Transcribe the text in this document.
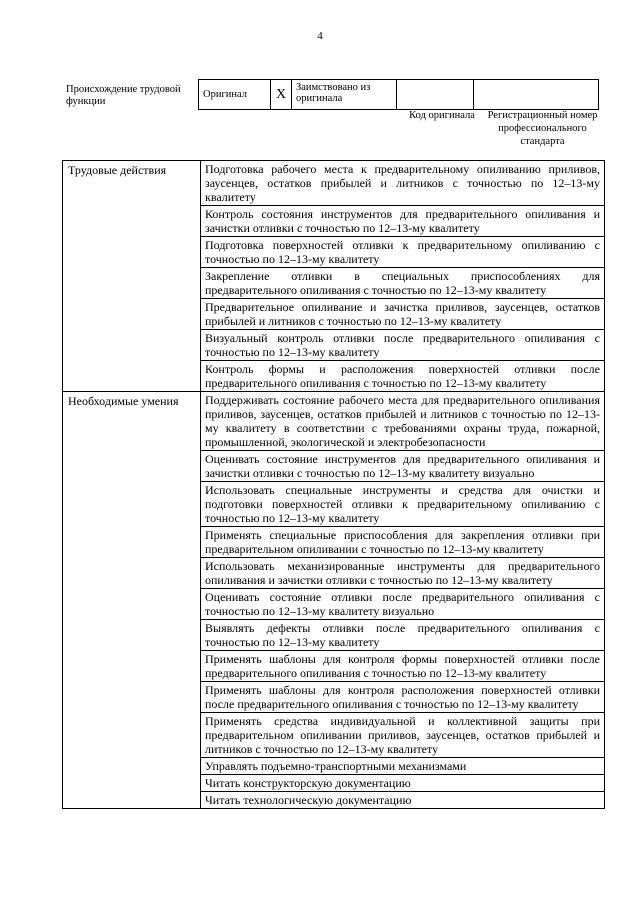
4
Происхождение трудовой функции
Оригинал	X	Заимствовано из оригинала		
Код оригинала	Регистрационный номер профессионального стандарта
Трудовые действия	Подготовка рабочего места к предварительному опиливанию приливов, заусенцев, остатков прибылей и литников с точностью по 12–13-му квалитету
	Контроль состояния инструментов для предварительного опиливания и зачистки отливки с точностью по 12–13-му квалитету
	Подготовка поверхностей отливки к предварительному опиливанию с точностью по 12–13-му квалитету
	Закрепление отливки в специальных приспособлениях для предварительного опиливания с точностью по 12–13-му квалитету
	Предварительное опиливание и зачистка приливов, заусенцев, остатков прибылей и литников с точностью по 12–13-му квалитету
	Визуальный контроль отливки после предварительного опиливания с точностью по 12–13-му квалитету
	Контроль формы и расположения поверхностей отливки после предварительного опиливания с точностью по 12–13-му квалитету
Необходимые умения	Поддерживать состояние рабочего места для предварительного опиливания приливов, заусенцев, остатков прибылей и литников с точностью по 12–13-му квалитету в соответствии с требованиями охраны труда, пожарной, промышленной, экологической и электробезопасности
	Оценивать состояние инструментов для предварительного опиливания и зачистки отливки с точностью по 12–13-му квалитету визуально
	Использовать специальные инструменты и средства для очистки и подготовки поверхностей отливки к предварительному опиливанию с точностью по 12–13-му квалитету
	Применять специальные приспособления для закрепления отливки при предварительном опиливании с точностью по 12–13-му квалитету
	Использовать механизированные инструменты для предварительного опиливания и зачистки отливки с точностью по 12–13-му квалитету
	Оценивать состояние отливки после предварительного опиливания с точностью по 12–13-му квалитету визуально
	Выявлять дефекты отливки после предварительного опиливания с точностью по 12–13-му квалитету
	Применять шаблоны для контроля формы поверхностей отливки после предварительного опиливания с точностью по 12–13-му квалитету
	Применять шаблоны для контроля расположения поверхностей отливки после предварительного опиливания с точностью по 12–13-му квалитету
	Применять средства индивидуальной и коллективной защиты при предварительном опиливании приливов, заусенцев, остатков прибылей и литников с точностью по 12–13-му квалитету
	Управлять подъемно-транспортными механизмами
	Читать конструкторскую документацию
	Читать технологическую документацию
